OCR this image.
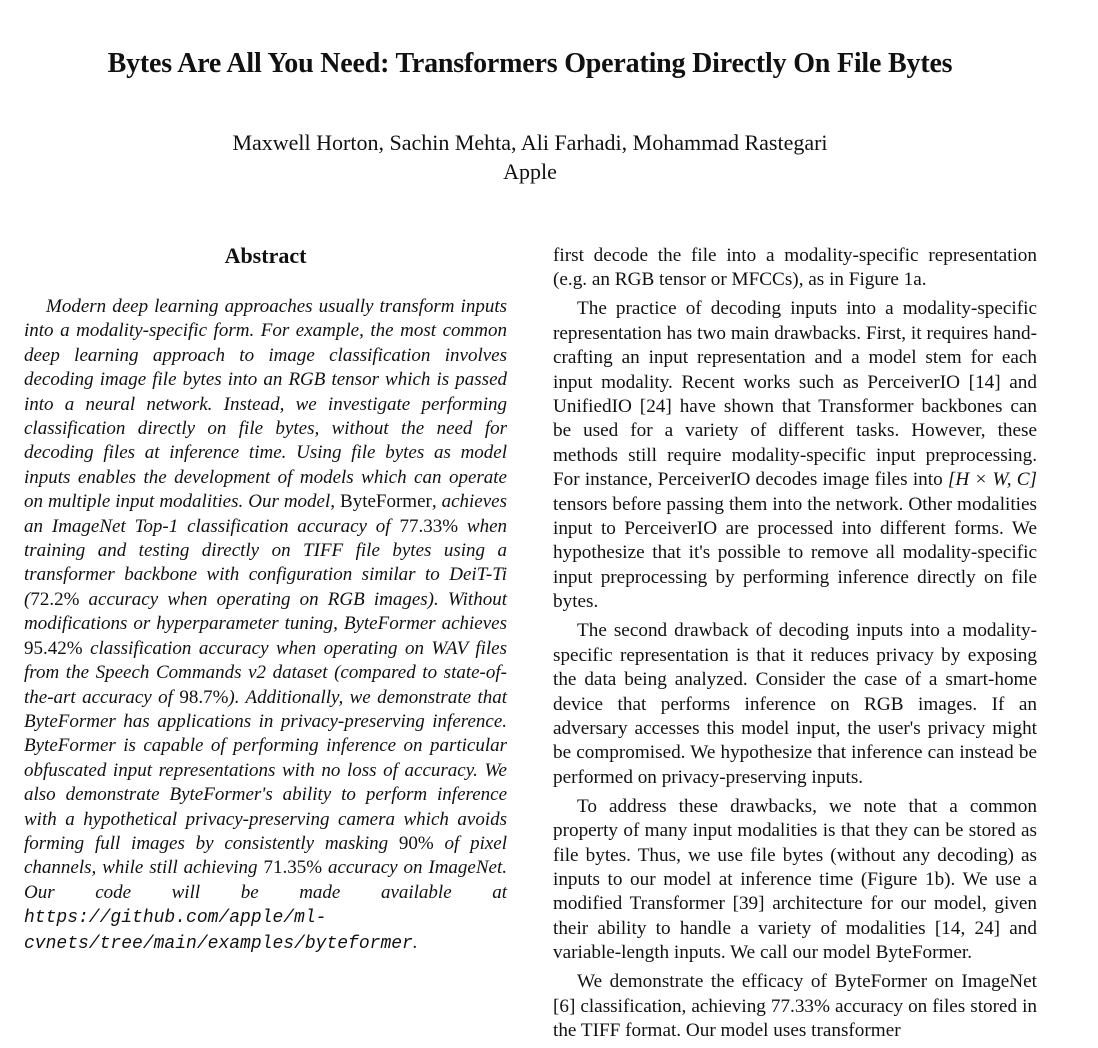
Bytes Are All You Need: Transformers Operating Directly On File Bytes
Maxwell Horton, Sachin Mehta, Ali Farhadi, Mohammad Rastegari
Apple
Abstract

Modern deep learning approaches usually transform inputs into a modality-specific form. For example, the most common deep learning approach to image classification involves decoding image file bytes into an RGB tensor which is passed into a neural network. Instead, we investigate performing classification directly on file bytes, without the need for decoding files at inference time. Using file bytes as model inputs enables the development of models which can operate on multiple input modalities. Our model, ByteFormer, achieves an ImageNet Top-1 classification accuracy of 77.33% when training and testing directly on TIFF file bytes using a transformer backbone with configuration similar to DeiT-Ti (72.2% accuracy when operating on RGB images). Without modifications or hyperparameter tuning, ByteFormer achieves 95.42% classification accuracy when operating on WAV files from the Speech Commands v2 dataset (compared to state-of-the-art accuracy of 98.7%). Additionally, we demonstrate that ByteFormer has applications in privacy-preserving inference. ByteFormer is capable of performing inference on particular obfuscated input representations with no loss of accuracy. We also demonstrate ByteFormer's ability to perform inference with a hypothetical privacy-preserving camera which avoids forming full images by consistently masking 90% of pixel channels, while still achieving 71.35% accuracy on ImageNet. Our code will be made available at https://github.com/apple/ml-cvnets/tree/main/examples/byteformer.

first decode the file into a modality-specific representation (e.g. an RGB tensor or MFCCs), as in Figure 1a.

The practice of decoding inputs into a modality-specific representation has two main drawbacks. First, it requires hand-crafting an input representation and a model stem for each input modality. Recent works such as PerceiverIO [14] and UnifiedIO [24] have shown that Transformer backbones can be used for a variety of different tasks. However, these methods still require modality-specific input preprocessing. For instance, PerceiverIO decodes image files into [H × W, C] tensors before passing them into the network. Other modalities input to PerceiverIO are processed into different forms. We hypothesize that it's possible to remove all modality-specific input preprocessing by performing inference directly on file bytes.

The second drawback of decoding inputs into a modality-specific representation is that it reduces privacy by exposing the data being analyzed. Consider the case of a smart-home device that performs inference on RGB images. If an adversary accesses this model input, the user's privacy might be compromised. We hypothesize that inference can instead be performed on privacy-preserving inputs.

To address these drawbacks, we note that a common property of many input modalities is that they can be stored as file bytes. Thus, we use file bytes (without any decoding) as inputs to our model at inference time (Figure 1b). We use a modified Transformer [39] architecture for our model, given their ability to handle a variety of modalities [14, 24] and variable-length inputs. We call our model ByteFormer.

We demonstrate the efficacy of ByteFormer on ImageNet [6] classification, achieving 77.33% accuracy on files stored in the TIFF format. Our model uses transformer
